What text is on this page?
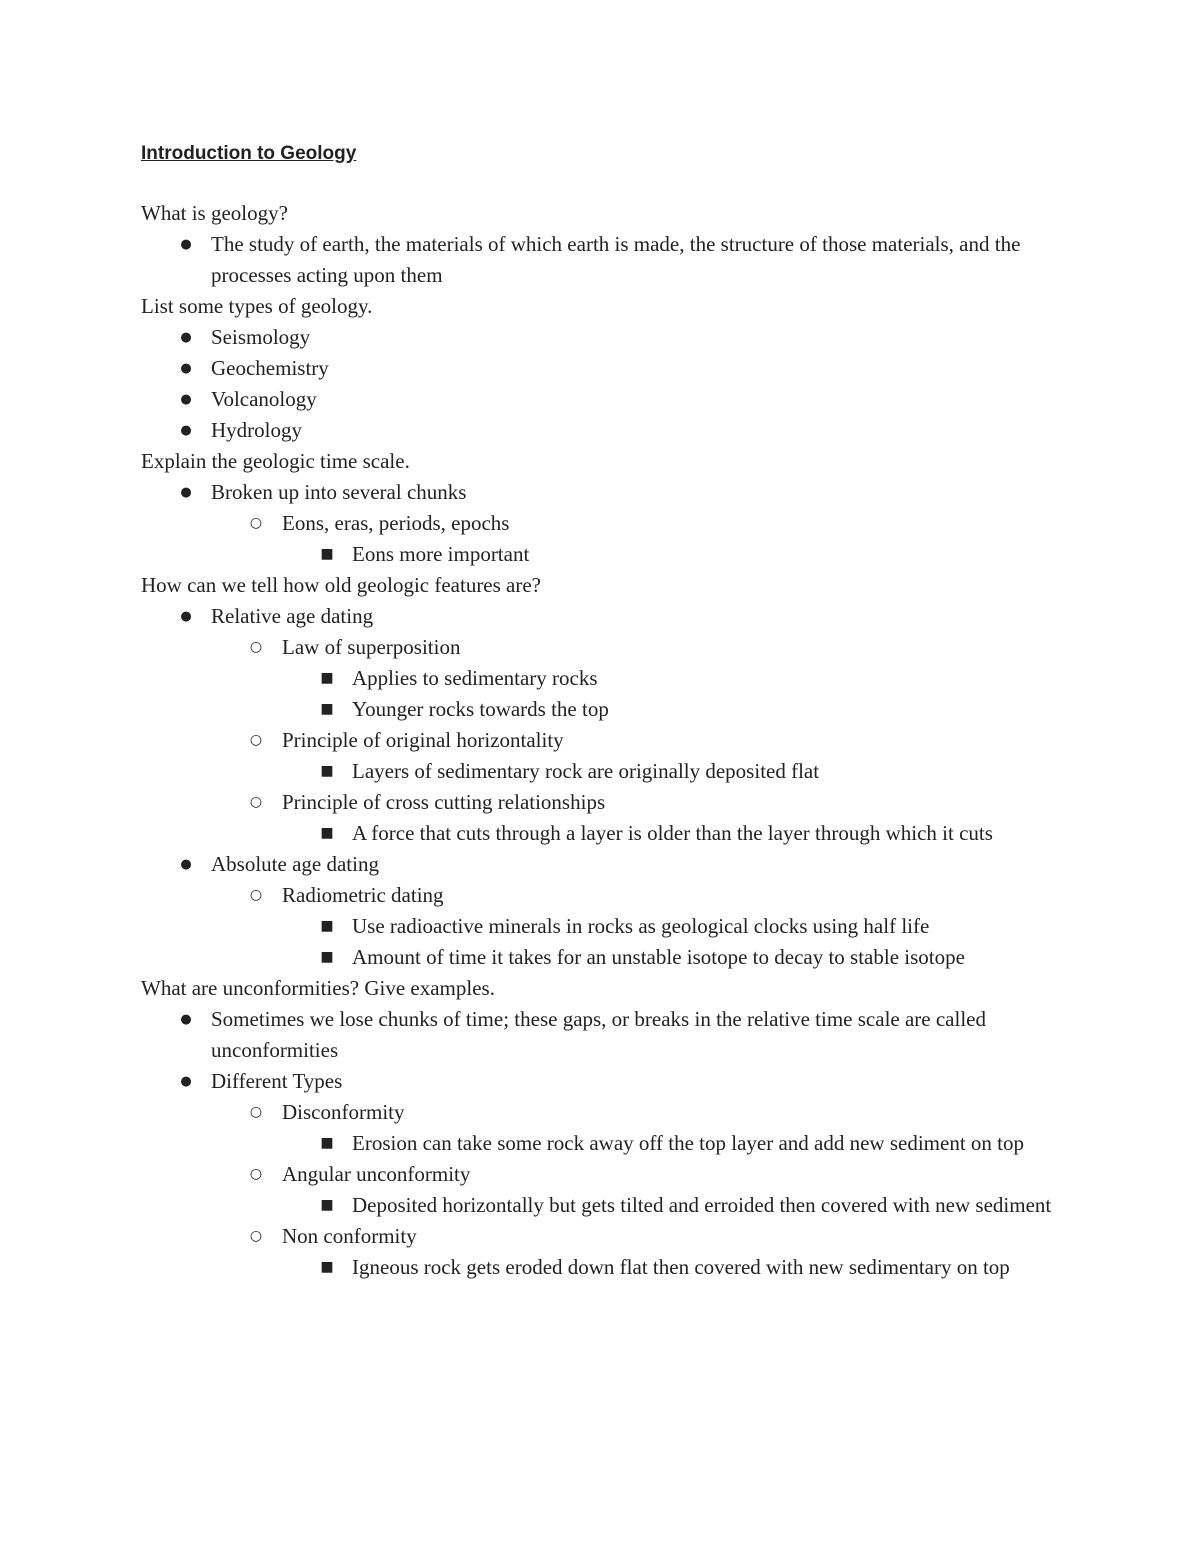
Introduction to Geology

What is geology?

● The study of earth, the materials of which earth is made, the structure of those materials, and the processes acting upon them

List some types of geology.

● Seismology
● Geochemistry
● Volcanology
● Hydrology

Explain the geologic time scale.

● Broken up into several chunks
○ Eons, eras, periods, epochs
■ Eons more important

How can we tell how old geologic features are?

● Relative age dating
○ Law of superposition
■ Applies to sedimentary rocks
■ Younger rocks towards the top
○ Principle of original horizontality
■ Layers of sedimentary rock are originally deposited flat
○ Principle of cross cutting relationships
■ A force that cuts through a layer is older than the layer through which it cuts
● Absolute age dating
○ Radiometric dating
■ Use radioactive minerals in rocks as geological clocks using half life
■ Amount of time it takes for an unstable isotope to decay to stable isotope

What are unconformities? Give examples.

● Sometimes we lose chunks of time; these gaps, or breaks in the relative time scale are called unconformities
● Different Types
○ Disconformity
■ Erosion can take some rock away off the top layer and add new sediment on top
○ Angular unconformity
■ Deposited horizontally but gets tilted and erroided then covered with new sediment
○ Non conformity
■ Igneous rock gets eroded down flat then covered with new sedimentary on top
